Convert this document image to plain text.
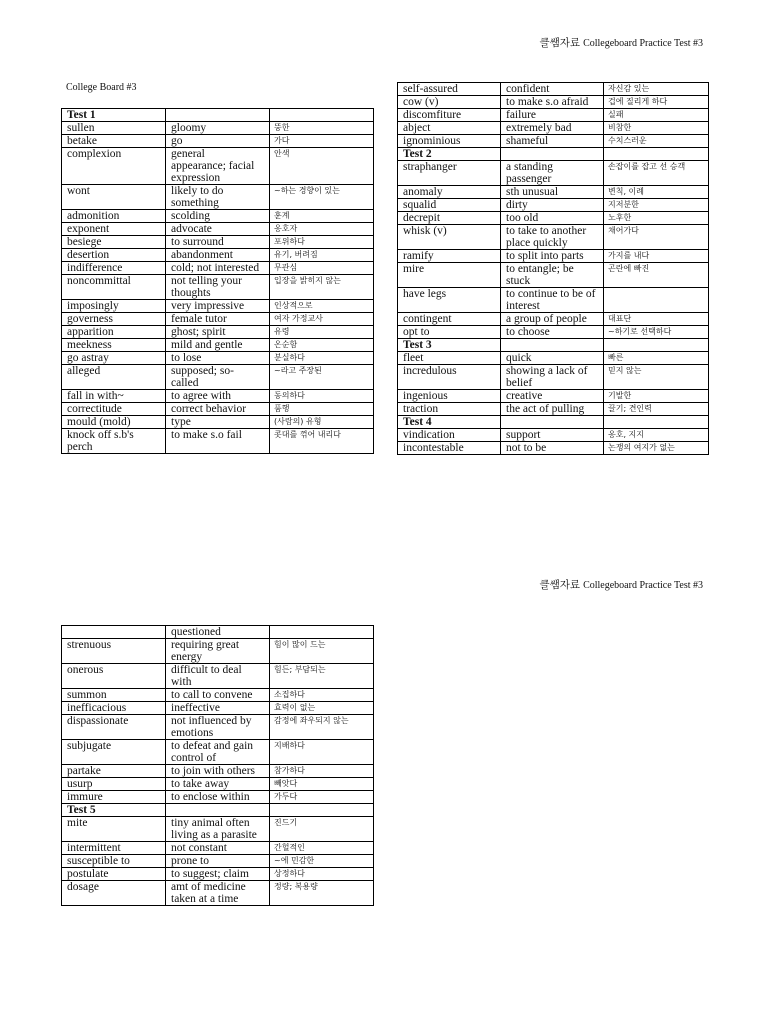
클쌤자료 Collegeboard Practice Test #3
College Board #3
Test 1		
sullen	gloomy	뚱한
betake	go	가다
complexion	general appearance; facial expression	안색
wont	likely to do something	~하는 경향이 있는
admonition	scolding	훈계
exponent	advocate	옹호자
besiege	to surround	포위하다
desertion	abandonment	유기, 버려짐
indifference	cold; not interested	무관심
noncommittal	not telling your thoughts	입장을 밝히지 않는
imposingly	very impressive	인상적으로
governess	female tutor	여자 가정교사
apparition	ghost; spirit	유령
meekness	mild and gentle	온순함
go astray	to lose	분실하다
alleged	supposed; so-called	~라고 주장된
fall in with~	to agree with	동의하다
correctitude	correct behavior	품행
mould (mold)	type	(사람의) 유형
knock off s.b's perch	to make s.o fail	콧대를 꺾어 내리다
self-assured	confident	자신감 있는
cow (v)	to make s.o afraid	겁에 질리게 하다
discomfiture	failure	실패
abject	extremely bad	비참한
ignominious	shameful	수치스러운
Test 2		
straphanger	a standing passenger	손잡이를 잡고 선 승객
anomaly	sth unusual	변칙, 이례
squalid	dirty	지저분한
decrepit	too old	노후한
whisk (v)	to take to another place quickly	채어가다
ramify	to split into parts	가지를 내다
mire	to entangle; be stuck	곤란에 빠진
have legs	to continue to be of interest	
contingent	a group of people	대표단
opt to	to choose	~하기로 선택하다
Test 3		
fleet	quick	빠른
incredulous	showing a lack of belief	믿지 않는
ingenious	creative	기발한
traction	the act of pulling	끌기; 견인력
Test 4		
vindication	support	옹호, 지지
incontestable	not to be	논쟁의 여지가 없는
클쌤자료 Collegeboard Practice Test #3
	questioned	
strenuous	requiring great energy	힘이 많이 드는
onerous	difficult to deal with	힘든; 부담되는
summon	to call to convene	소집하다
inefficacious	ineffective	효력이 없는
dispassionate	not influenced by emotions	감정에 좌우되지 않는
subjugate	to defeat and gain control of	지배하다
partake	to join with others	참가하다
usurp	to take away	빼앗다
immure	to enclose within	가두다
Test 5		
mite	tiny animal often living as a parasite	진드기
intermittent	not constant	간헐적인
susceptible to	prone to	~에 민감한
postulate	to suggest; claim	상정하다
dosage	amt of medicine taken at a time	정량; 복용량
